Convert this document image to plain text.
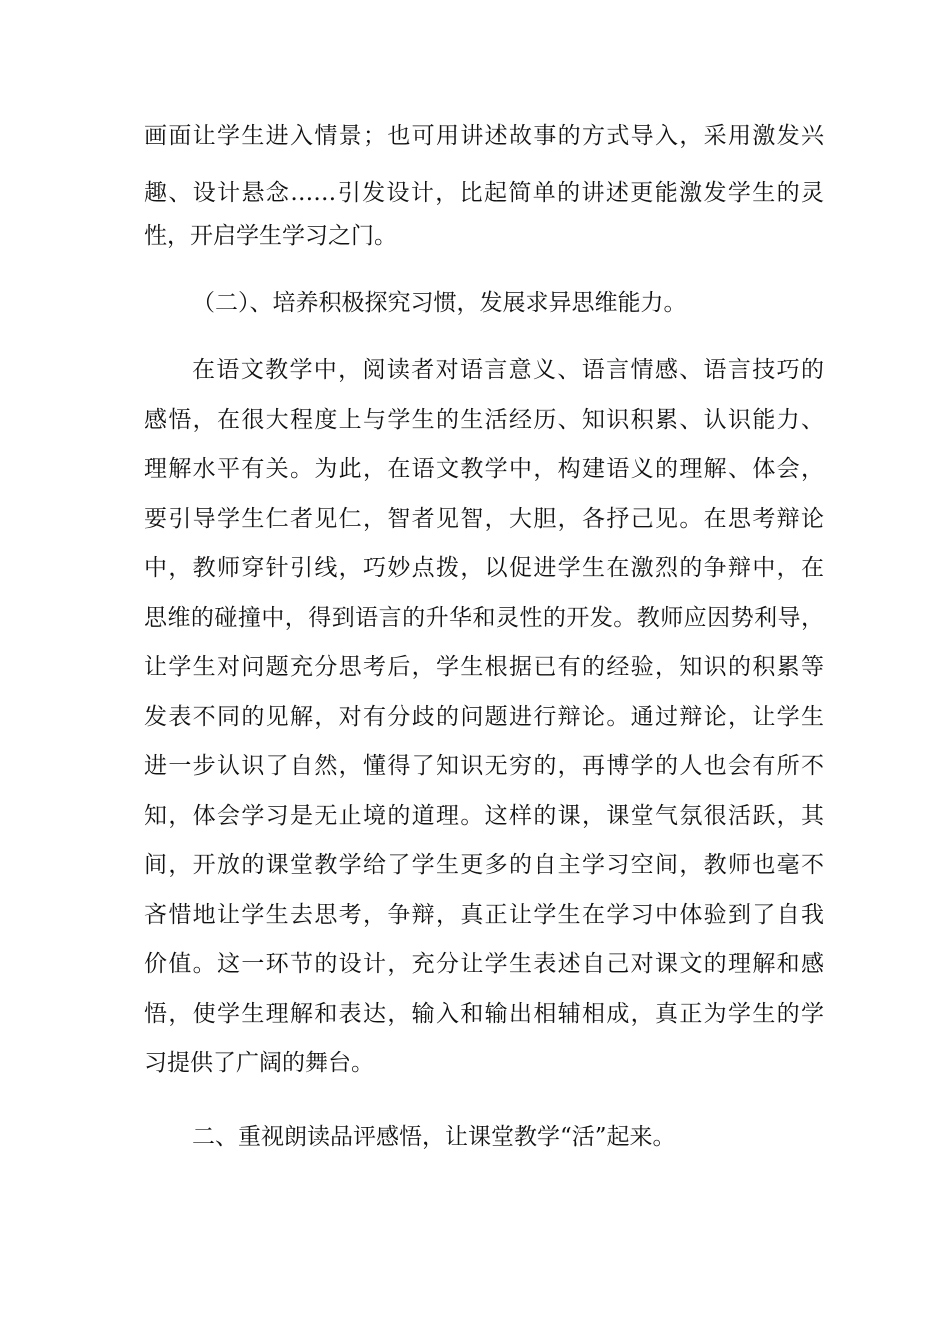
画面让学生进入情景；也可用讲述故事的方式导入，采用激发兴
趣、设计悬念……引发设计，比起简单的讲述更能激发学生的灵
性，开启学生学习之门。
（二）、培养积极探究习惯，发展求异思维能力。
在语文教学中，阅读者对语言意义、语言情感、语言技巧的
感悟，在很大程度上与学生的生活经历、知识积累、认识能力、
理解水平有关。为此，在语文教学中，构建语义的理解、体会，
要引导学生仁者见仁，智者见智，大胆，各抒己见。在思考辩论
中，教师穿针引线，巧妙点拨，以促进学生在激烈的争辩中，在
思维的碰撞中，得到语言的升华和灵性的开发。教师应因势利导，
让学生对问题充分思考后，学生根据已有的经验，知识的积累等
发表不同的见解，对有分歧的问题进行辩论。通过辩论，让学生
进一步认识了自然，懂得了知识无穷的，再博学的人也会有所不
知，体会学习是无止境的道理。这样的课，课堂气氛很活跃，其
间，开放的课堂教学给了学生更多的自主学习空间，教师也毫不
吝惜地让学生去思考，争辩，真正让学生在学习中体验到了自我
价值。这一环节的设计，充分让学生表述自己对课文的理解和感
悟，使学生理解和表达，输入和输出相辅相成，真正为学生的学
习提供了广阔的舞台。
二、重视朗读品评感悟，让课堂教学“活”起来。
